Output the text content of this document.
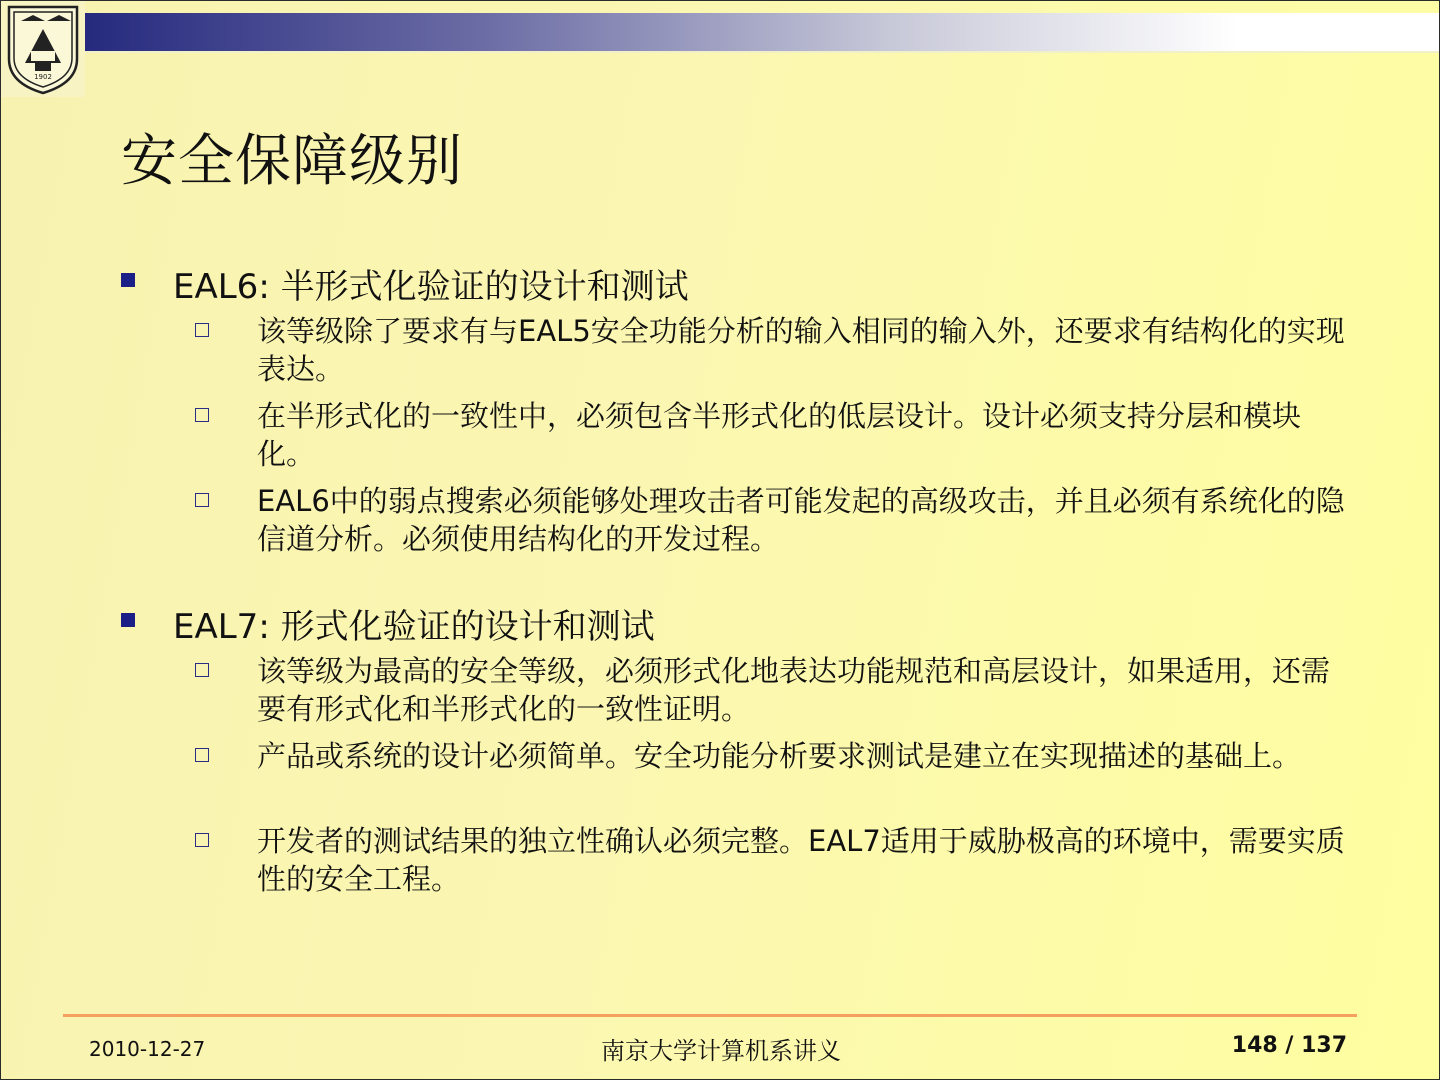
1902
安全保障级别
EAL6: 半形式化验证的设计和测试
该等级除了要求有与EAL5安全功能分析的输入相同的输入外，还要求有结构化的实现表达。
在半形式化的一致性中，必须包含半形式化的低层设计。设计必须支持分层和模块化。
EAL6中的弱点搜索必须能够处理攻击者可能发起的高级攻击，并且必须有系统化的隐信道分析。必须使用结构化的开发过程。
EAL7: 形式化验证的设计和测试
该等级为最高的安全等级，必须形式化地表达功能规范和高层设计，如果适用，还需要有形式化和半形式化的一致性证明。
产品或系统的设计必须简单。安全功能分析要求测试是建立在实现描述的基础上。
开发者的测试结果的独立性确认必须完整。EAL7适用于威胁极高的环境中，需要实质性的安全工程。
2010-12-27	南京大学计算机系讲义	148 / 137
